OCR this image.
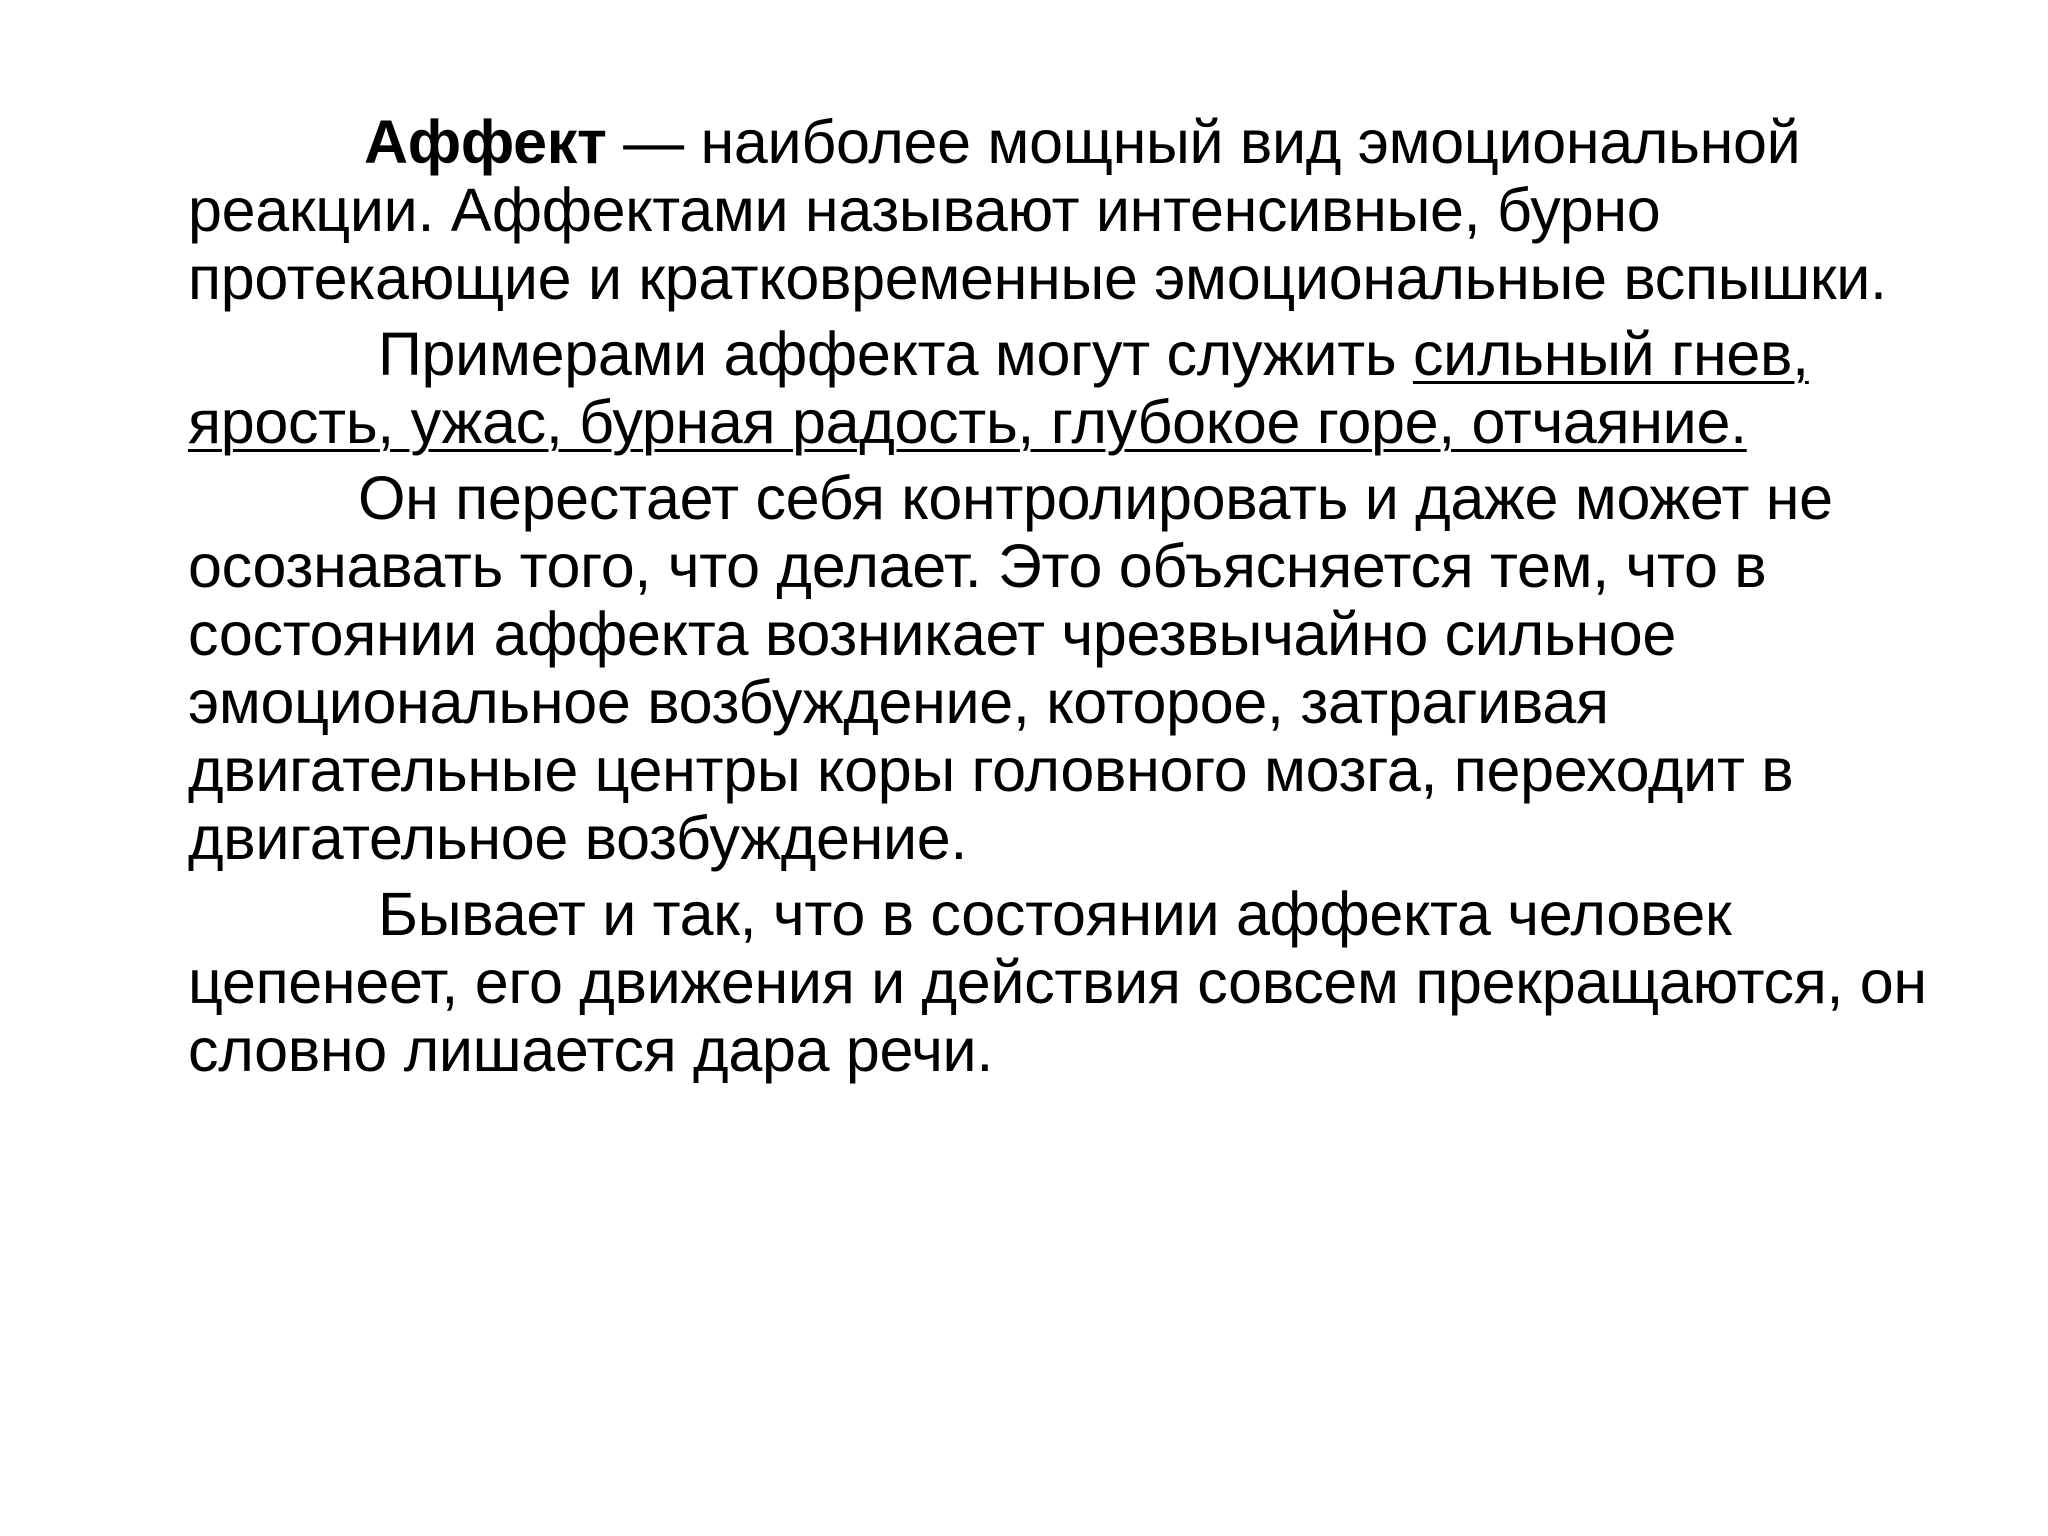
Аффект — наиболее мощный вид эмоциональной реакции. Аффектами называют интенсивные, бурно протекающие и кратковременные эмоциональные вспышки.

Примерами аффекта могут служить сильный гнев, ярость, ужас, бурная радость, глубокое горе, отчаяние.

Он перестает себя контролировать и даже может не осознавать того, что делает. Это объясняется тем, что в состоянии аффекта возникает чрезвычайно сильное эмоциональное возбуждение, которое, затрагивая двигательные центры коры головного мозга, переходит в двигательное возбуждение.

Бывает и так, что в состоянии аффекта человек цепенеет, его движения и действия совсем прекращаются, он словно лишается дара речи.
